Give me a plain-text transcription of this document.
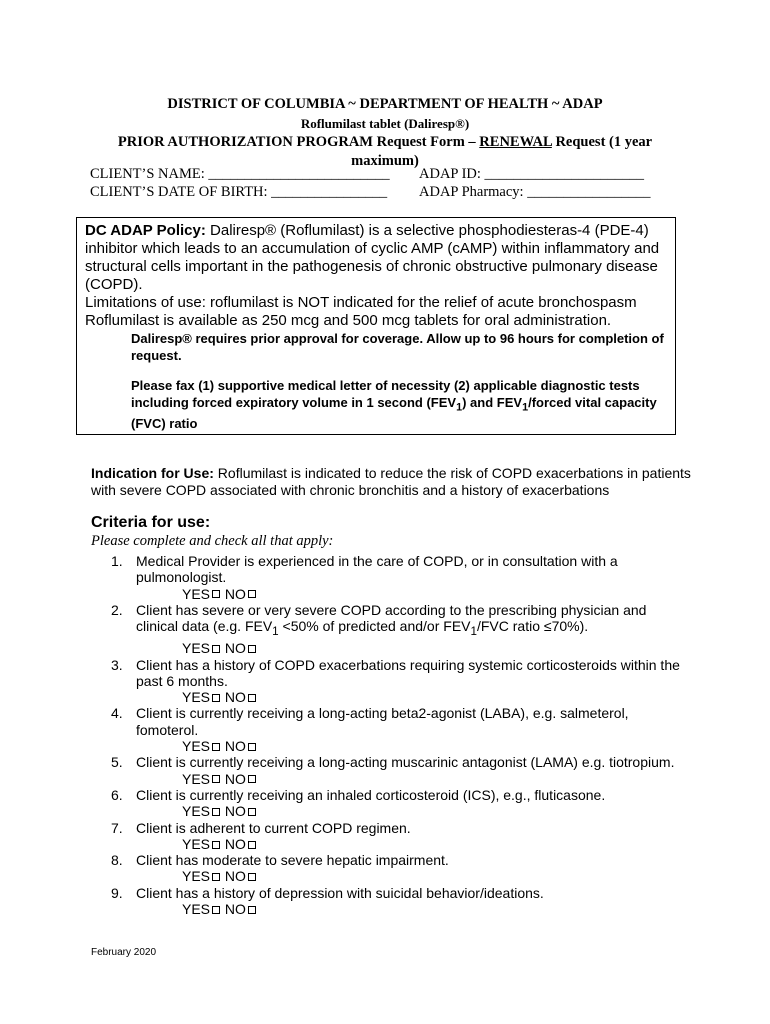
DISTRICT OF COLUMBIA ~ DEPARTMENT OF HEALTH ~ ADAP
Roflumilast tablet (Daliresp®)
PRIOR AUTHORIZATION PROGRAM Request Form – RENEWAL Request (1 year
maximum)
CLIENT’S NAME: _________________________ ADAP ID: ______________________
CLIENT’S DATE OF BIRTH: ________________ ADAP Pharmacy: _________________
DC ADAP Policy: Daliresp® (Roflumilast) is a selective phosphodiesteras-4 (PDE-4) inhibitor which leads to an accumulation of cyclic AMP (cAMP) within inflammatory and structural cells important in the pathogenesis of chronic obstructive pulmonary disease (COPD).
Limitations of use: roflumilast is NOT indicated for the relief of acute bronchospasm
Roflumilast is available as 250 mcg and 500 mcg tablets for oral administration.
Daliresp® requires prior approval for coverage. Allow up to 96 hours for completion of request.
Please fax (1) supportive medical letter of necessity (2) applicable diagnostic tests including forced expiratory volume in 1 second $(FEV_1)$ and $FEV_1$/forced vital capacity (FVC) ratio
Indication for Use: Roflumilast is indicated to reduce the risk of COPD exacerbations in patients with severe COPD associated with chronic bronchitis and a history of exacerbations
Criteria for use:
Please complete and check all that apply:
1. Medical Provider is experienced in the care of COPD, or in consultation with a pulmonologist.
YES NO
2. Client has severe or very severe COPD according to the prescribing physician and clinical data (e.g. $FEV_1 <50\%$ of predicted and/or $FEV_1$/FVC ratio ≤70%).
YES NO
3. Client has a history of COPD exacerbations requiring systemic corticosteroids within the past 6 months.
YES NO
4. Client is currently receiving a long-acting beta2-agonist (LABA), e.g. salmeterol, fomoterol.
YES NO
5. Client is currently receiving a long-acting muscarinic antagonist (LAMA) e.g. tiotropium.
YES NO
6. Client is currently receiving an inhaled corticosteroid (ICS), e.g., fluticasone.
YES NO
7. Client is adherent to current COPD regimen.
YES NO
8. Client has moderate to severe hepatic impairment.
YES NO
9. Client has a history of depression with suicidal behavior/ideations.
YES NO
February 2020
